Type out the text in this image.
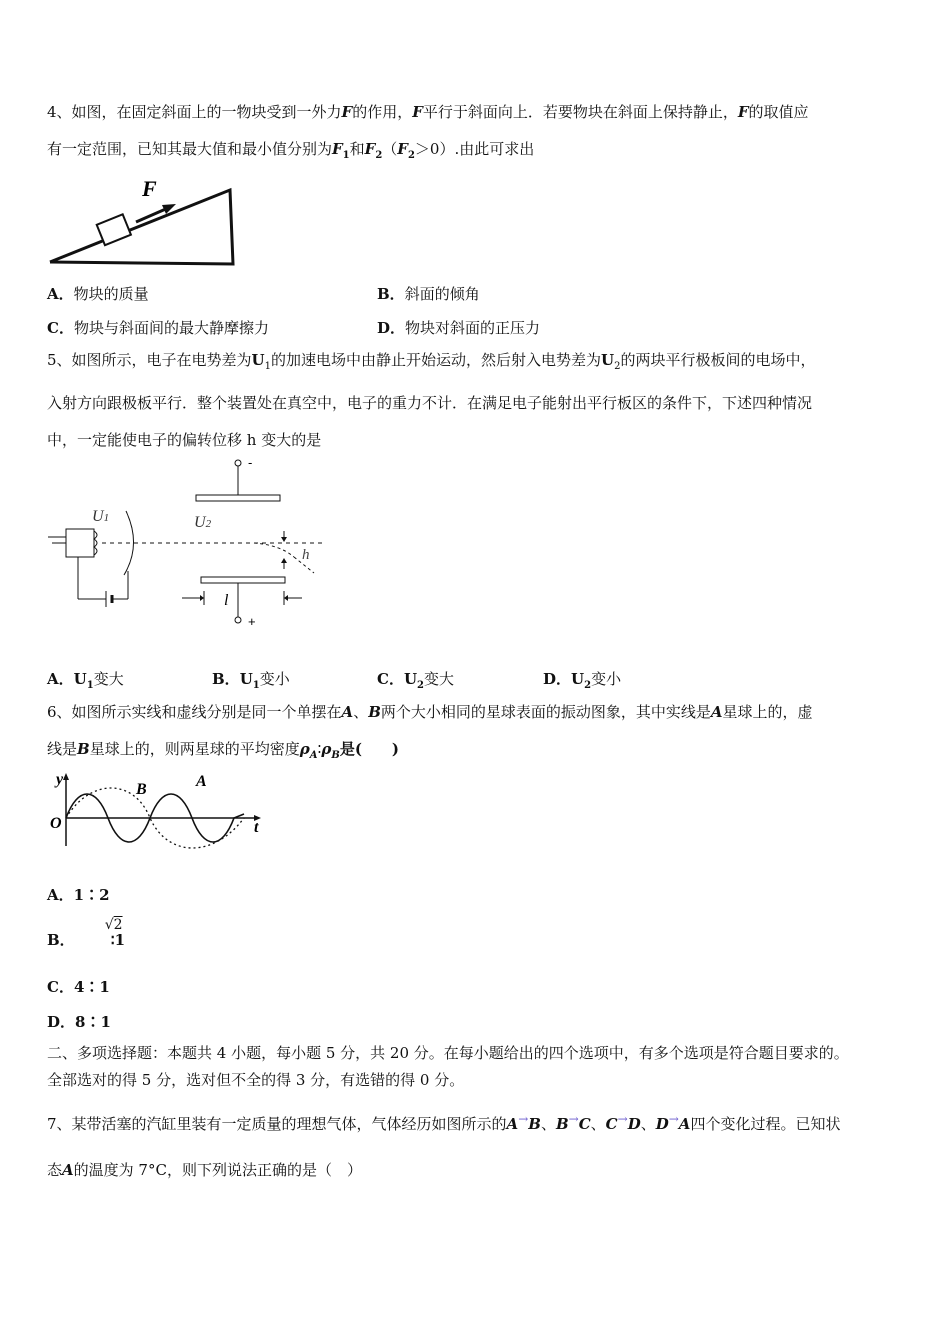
4、如图，在固定斜面上的一物块受到一外力F的作用，F平行于斜面向上．若要物块在斜面上保持静止，F的取值应
有一定范围，已知其最大值和最小值分别为$F_1$和$F_2(F_2>0)$.由此可求出
F
A．物块的质量	B．斜面的倾角
C．物块与斜面间的最大静摩擦力	D．物块对斜面的正压力
5、如图所示，电子在电势差为$U_1$的加速电场中由静止开始运动，然后射入电势差为$U_2$的两块平行极板间的电场中，
入射方向跟极板平行．整个装置处在真空中，电子的重力不计．在满足电子能射出平行板区的条件下，下述四种情况
中，一定能使电子的偏转位移 h 变大的是
-
+
U1	U2
h
l
A．$U_1$变大	B．$U_1$变小	C．$U_2$变大	D．$U_2$变小
6、如图所示实线和虚线分别是同一个单摆在A、B两个大小相同的星球表面的振动图象，其中实线是A星球上的，虚
线是B星球上的，则两星球的平均密度$\rho_A∶\rho_B$是(　　)
y
O	t
B	A
A．1∶2
B．
√2
∶1
C．4∶1
D．8∶1
二、多项选择题：本题共 4 小题，每小题 5 分，共 20 分。在每小题给出的四个选项中，有多个选项是符合题目要求的。
全部选对的得 5 分，选对但不全的得 3 分，有选错的得 0 分。
7、某带活塞的汽缸里装有一定质量的理想气体，气体经历如图所示的A→B、B→C、C→D、D→A四个变化过程。已知状
态A的温度为 7°C，则下列说法正确的是（　）
